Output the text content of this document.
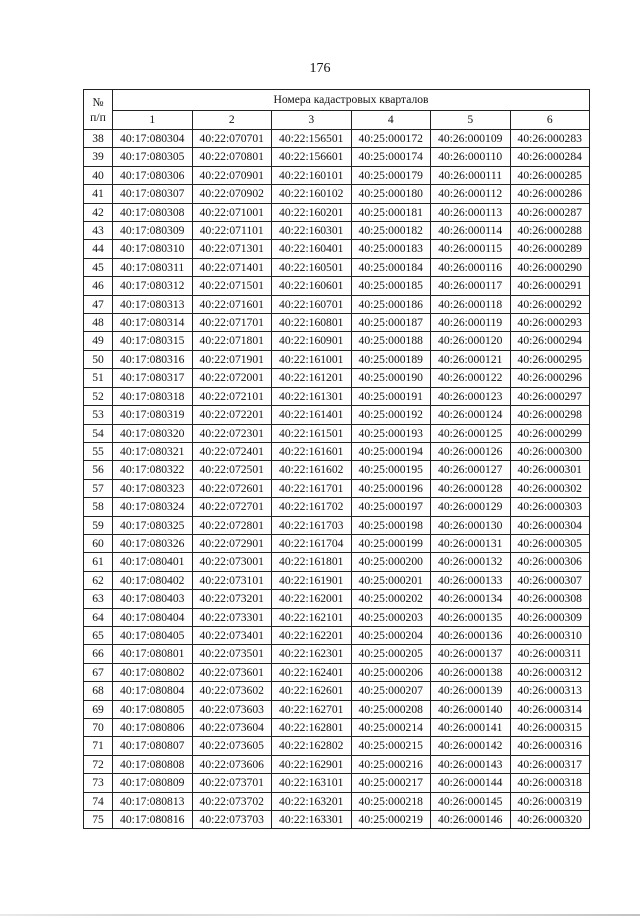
176
№
п/п	Номера кадастровых кварталов					
	1	2	3	4	5	6
38	40:17:080304	40:22:070701	40:22:156501	40:25:000172	40:26:000109	40:26:000283
39	40:17:080305	40:22:070801	40:22:156601	40:25:000174	40:26:000110	40:26:000284
40	40:17:080306	40:22:070901	40:22:160101	40:25:000179	40:26:000111	40:26:000285
41	40:17:080307	40:22:070902	40:22:160102	40:25:000180	40:26:000112	40:26:000286
42	40:17:080308	40:22:071001	40:22:160201	40:25:000181	40:26:000113	40:26:000287
43	40:17:080309	40:22:071101	40:22:160301	40:25:000182	40:26:000114	40:26:000288
44	40:17:080310	40:22:071301	40:22:160401	40:25:000183	40:26:000115	40:26:000289
45	40:17:080311	40:22:071401	40:22:160501	40:25:000184	40:26:000116	40:26:000290
46	40:17:080312	40:22:071501	40:22:160601	40:25:000185	40:26:000117	40:26:000291
47	40:17:080313	40:22:071601	40:22:160701	40:25:000186	40:26:000118	40:26:000292
48	40:17:080314	40:22:071701	40:22:160801	40:25:000187	40:26:000119	40:26:000293
49	40:17:080315	40:22:071801	40:22:160901	40:25:000188	40:26:000120	40:26:000294
50	40:17:080316	40:22:071901	40:22:161001	40:25:000189	40:26:000121	40:26:000295
51	40:17:080317	40:22:072001	40:22:161201	40:25:000190	40:26:000122	40:26:000296
52	40:17:080318	40:22:072101	40:22:161301	40:25:000191	40:26:000123	40:26:000297
53	40:17:080319	40:22:072201	40:22:161401	40:25:000192	40:26:000124	40:26:000298
54	40:17:080320	40:22:072301	40:22:161501	40:25:000193	40:26:000125	40:26:000299
55	40:17:080321	40:22:072401	40:22:161601	40:25:000194	40:26:000126	40:26:000300
56	40:17:080322	40:22:072501	40:22:161602	40:25:000195	40:26:000127	40:26:000301
57	40:17:080323	40:22:072601	40:22:161701	40:25:000196	40:26:000128	40:26:000302
58	40:17:080324	40:22:072701	40:22:161702	40:25:000197	40:26:000129	40:26:000303
59	40:17:080325	40:22:072801	40:22:161703	40:25:000198	40:26:000130	40:26:000304
60	40:17:080326	40:22:072901	40:22:161704	40:25:000199	40:26:000131	40:26:000305
61	40:17:080401	40:22:073001	40:22:161801	40:25:000200	40:26:000132	40:26:000306
62	40:17:080402	40:22:073101	40:22:161901	40:25:000201	40:26:000133	40:26:000307
63	40:17:080403	40:22:073201	40:22:162001	40:25:000202	40:26:000134	40:26:000308
64	40:17:080404	40:22:073301	40:22:162101	40:25:000203	40:26:000135	40:26:000309
65	40:17:080405	40:22:073401	40:22:162201	40:25:000204	40:26:000136	40:26:000310
66	40:17:080801	40:22:073501	40:22:162301	40:25:000205	40:26:000137	40:26:000311
67	40:17:080802	40:22:073601	40:22:162401	40:25:000206	40:26:000138	40:26:000312
68	40:17:080804	40:22:073602	40:22:162601	40:25:000207	40:26:000139	40:26:000313
69	40:17:080805	40:22:073603	40:22:162701	40:25:000208	40:26:000140	40:26:000314
70	40:17:080806	40:22:073604	40:22:162801	40:25:000214	40:26:000141	40:26:000315
71	40:17:080807	40:22:073605	40:22:162802	40:25:000215	40:26:000142	40:26:000316
72	40:17:080808	40:22:073606	40:22:162901	40:25:000216	40:26:000143	40:26:000317
73	40:17:080809	40:22:073701	40:22:163101	40:25:000217	40:26:000144	40:26:000318
74	40:17:080813	40:22:073702	40:22:163201	40:25:000218	40:26:000145	40:26:000319
75	40:17:080816	40:22:073703	40:22:163301	40:25:000219	40:26:000146	40:26:000320
